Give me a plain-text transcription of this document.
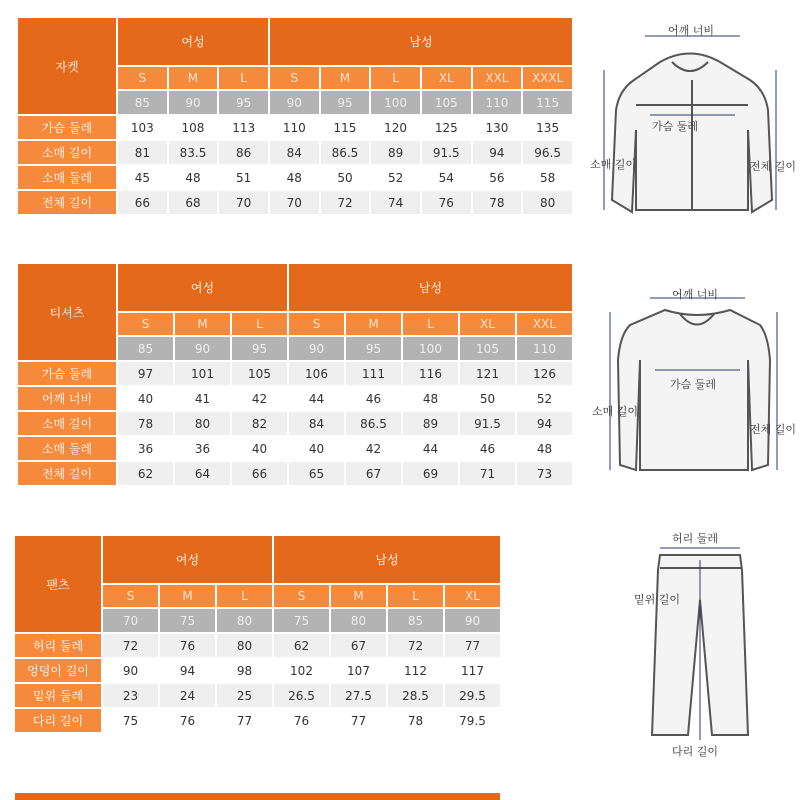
자켓	여성			남성					
	S	M	L	S	M	L	XL	XXL	XXXL
	85	90	95	90	95	100	105	110	115
가슴 둘레	103	108	113	110	115	120	125	130	135
소매 길이	81	83.5	86	84	86.5	89	91.5	94	96.5
소매 둘레	45	48	51	48	50	52	54	56	58
전체 길이	66	68	70	70	72	74	76	78	80
티셔츠	여성			남성				
	S	M	L	S	M	L	XL	XXL
	85	90	95	90	95	100	105	110
가슴 둘레	97	101	105	106	111	116	121	126
어깨 너비	40	41	42	44	46	48	50	52
소매 길이	78	80	82	84	86.5	89	91.5	94
소매 둘레	36	36	40	40	42	44	46	48
전체 길이	62	64	66	65	67	69	71	73
팬츠	여성			남성			
	S	M	L	S	M	L	XL
	70	75	80	75	80	85	90
허리 둘레	72	76	80	62	67	72	77
엉덩이 길이	90	94	98	102	107	112	117
밑위 둘레	23	24	25	26.5	27.5	28.5	29.5
다리 길이	75	76	77	76	77	78	79.5
어깨 너비
가슴 둘레
소매 길이	전체 길이
어깨 너비
가슴 둘레
소매 길이
전체 길이
허리 둘레
밑위 길이
다리 길이
